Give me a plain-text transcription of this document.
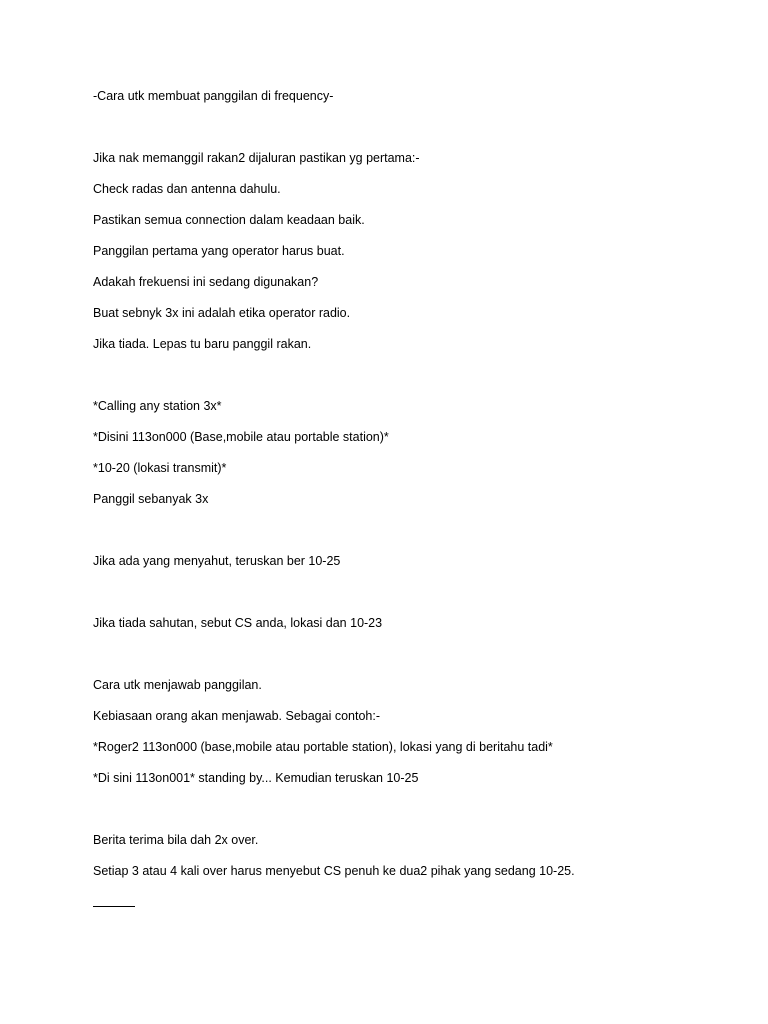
-Cara utk membuat panggilan di frequency-
Jika nak memanggil rakan2 dijaluran pastikan yg pertama:-
Check radas dan antenna dahulu.
Pastikan semua connection dalam keadaan baik.
Panggilan pertama yang operator harus buat.
Adakah frekuensi ini sedang digunakan?
Buat sebnyk 3x ini adalah etika operator radio.
Jika tiada. Lepas tu baru panggil rakan.
*Calling any station 3x*
*Disini 113on000 (Base,mobile atau portable station)*
*10-20 (lokasi transmit)*
Panggil sebanyak 3x
Jika ada yang menyahut, teruskan ber 10-25
Jika tiada sahutan, sebut CS anda, lokasi dan 10-23
Cara utk menjawab panggilan.
Kebiasaan orang akan menjawab. Sebagai contoh:-
*Roger2 113on000 (base,mobile atau portable station), lokasi yang di beritahu tadi*
*Di sini 113on001* standing by... Kemudian teruskan 10-25
Berita terima bila dah 2x over.
Setiap 3 atau 4 kali over harus menyebut CS penuh ke dua2 pihak yang sedang 10-25.
